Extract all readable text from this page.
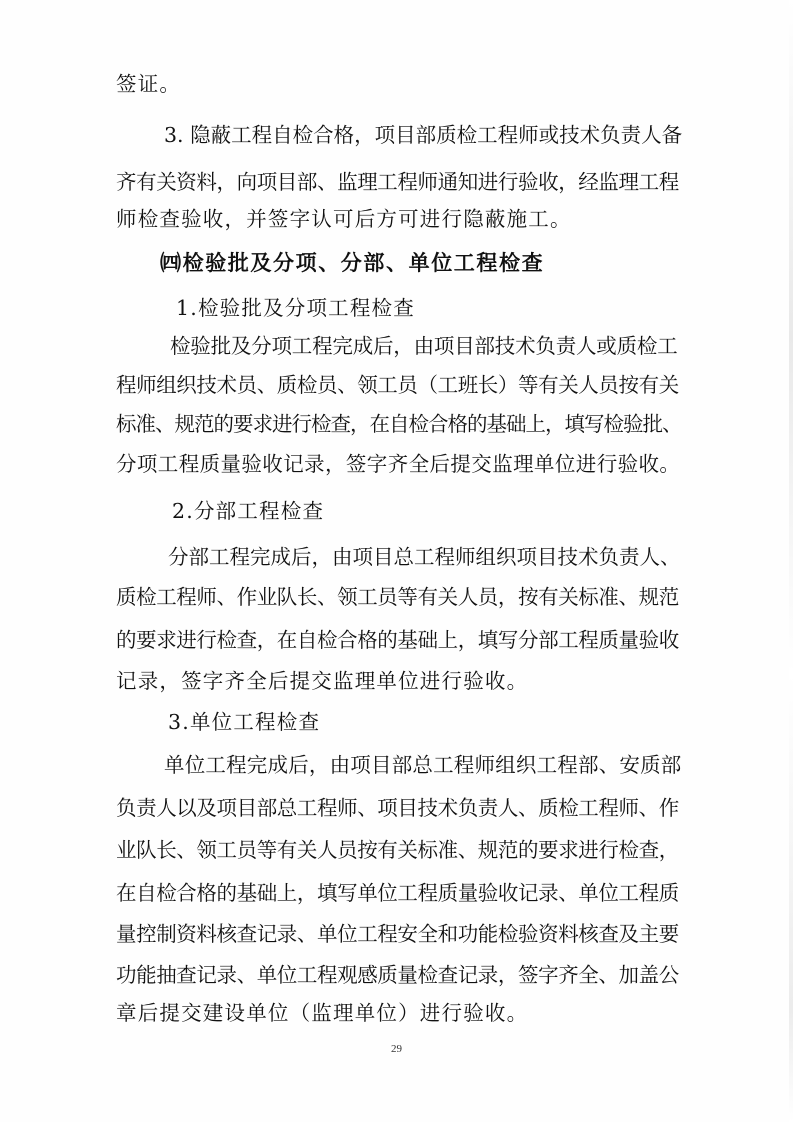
签证。
3. 隐蔽工程自检合格，项目部质检工程师或技术负责人备
齐有关资料，向项目部、监理工程师通知进行验收，经监理工程
师检查验收，并签字认可后方可进行隐蔽施工。
㈣检验批及分项、分部、单位工程检查
1.检验批及分项工程检查
检验批及分项工程完成后，由项目部技术负责人或质检工
程师组织技术员、质检员、领工员（工班长）等有关人员按有关
标准、规范的要求进行检查，在自检合格的基础上，填写检验批、
分项工程质量验收记录，签字齐全后提交监理单位进行验收。
2.分部工程检查
分部工程完成后，由项目总工程师组织项目技术负责人、
质检工程师、作业队长、领工员等有关人员，按有关标准、规范
的要求进行检查，在自检合格的基础上，填写分部工程质量验收
记录，签字齐全后提交监理单位进行验收。
3.单位工程检查
单位工程完成后，由项目部总工程师组织工程部、安质部
负责人以及项目部总工程师、项目技术负责人、质检工程师、作
业队长、领工员等有关人员按有关标准、规范的要求进行检查，
在自检合格的基础上，填写单位工程质量验收记录、单位工程质
量控制资料核查记录、单位工程安全和功能检验资料核查及主要
功能抽查记录、单位工程观感质量检查记录，签字齐全、加盖公
章后提交建设单位（监理单位）进行验收。
29
